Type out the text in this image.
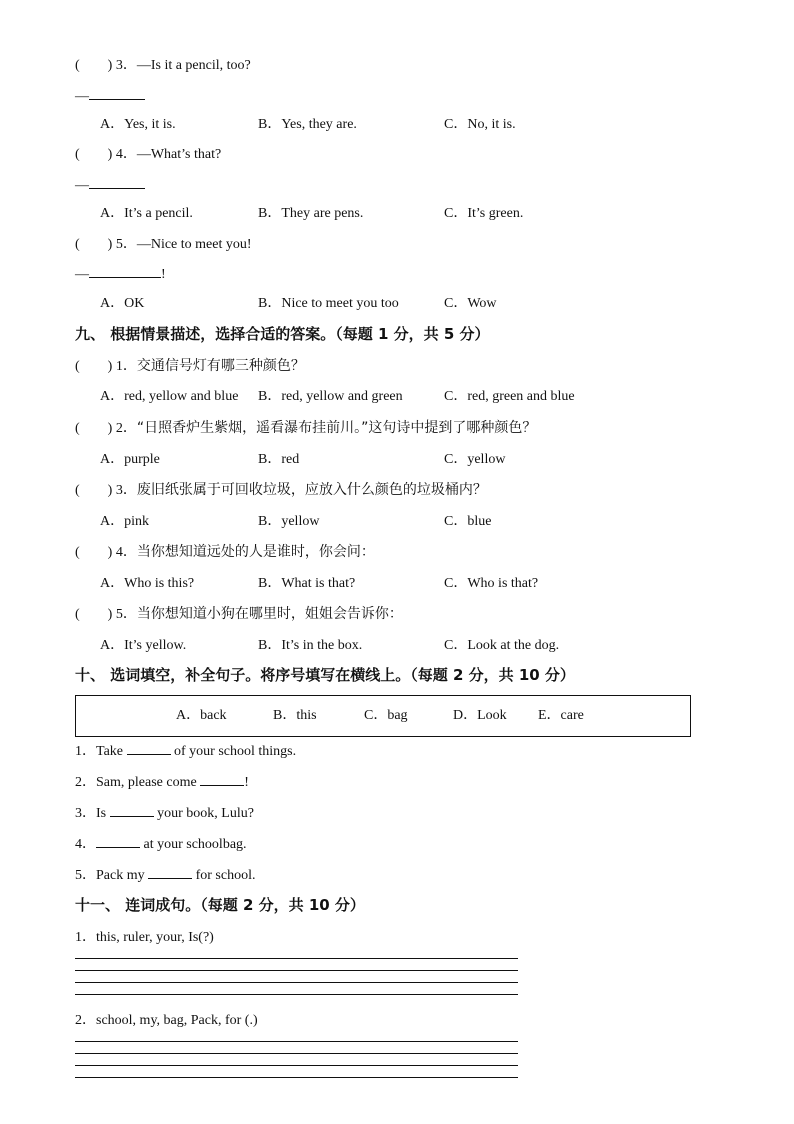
(　　) 3．—Is it a pencil, too?
—
A．Yes, it is.	B．Yes, they are.	C．No, it is.
(　　) 4．—What’s that?
—
A．It’s a pencil.	B．They are pens.	C．It’s green.
(　　) 5．—Nice to meet you!
—	!
A．OK	B．Nice to meet you too	C．Wow
九、 根据情景描述，选择合适的答案。（每题 1 分，共 5 分）
(　　) 1．交通信号灯有哪三种颜色？
A．red, yellow and blue B．red, yellow and green	C．red, green and blue
(　　) 2．“日照香炉生紫烟，遥看瀑布挂前川。”这句诗中提到了哪种颜色？
A．purple	B．red	C．yellow
(　　) 3．废旧纸张属于可回收垃圾，应放入什么颜色的垃圾桶内？
A．pink	B．yellow	C．blue
(　　) 4．当你想知道远处的人是谁时，你会问：
A．Who is this?	B．What is that?	C．Who is that?
(　　) 5．当你想知道小狗在哪里时，姐姐会告诉你：
A．It’s yellow.	B．It’s in the box.	C．Look at the dog.
十、 选词填空，补全句子。将序号填写在横线上。（每题 2 分，共 10 分）
A．back	B．this	C．bag	D．Look E．care
1．Take	of your school things.
2．Sam, please come	!
3．Is	your book, Lulu?
4．	at your schoolbag.
5．Pack my	for school.
十一、 连词成句。（每题 2 分，共 10 分）
1．this, ruler, your, Is(?)
2．school, my, bag, Pack, for (.)
